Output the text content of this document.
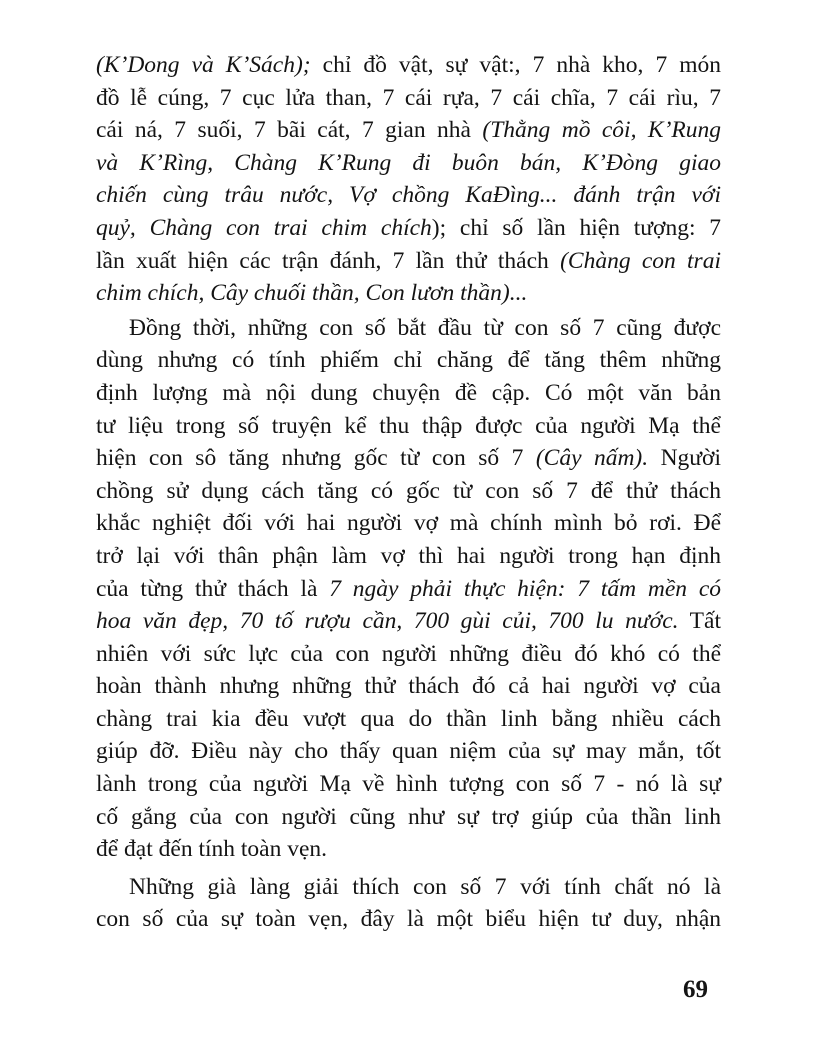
(K’Dong và K’Sách); chỉ đồ vật, sự vật:, 7 nhà kho, 7 món
đồ lễ cúng, 7 cục lửa than, 7 cái rựa, 7 cái chĩa, 7 cái rìu, 7
cái ná, 7 suối, 7 bãi cát, 7 gian nhà (Thằng mồ côi, K’Rung
và K’Rìng, Chàng K’Rung đi buôn bán, K’Đòng giao
chiến cùng trâu nước, Vợ chồng KaĐìng... đánh trận với
quỷ, Chàng con trai chim chích); chỉ số lần hiện tượng: 7
lần xuất hiện các trận đánh, 7 lần thử thách (Chàng con trai
chim chích, Cây chuối thần, Con lươn thần)...
Đồng thời, những con số bắt đầu từ con số 7 cũng được
dùng nhưng có tính phiếm chỉ chăng để tăng thêm những
định lượng mà nội dung chuyện đề cập. Có một văn bản
tư liệu trong số truyện kể thu thập được của người Mạ thể
hiện con sô tăng nhưng gốc từ con số 7 (Cây nấm). Người
chồng sử dụng cách tăng có gốc từ con số 7 để thử thách
khắc nghiệt đối với hai người vợ mà chính mình bỏ rơi. Để
trở lại với thân phận làm vợ thì hai người trong hạn định
của từng thử thách là 7 ngày phải thực hiện: 7 tấm mền có
hoa văn đẹp, 70 tố rượu cần, 700 gùi củi, 700 lu nước. Tất
nhiên với sức lực của con người những điều đó khó có thể
hoàn thành nhưng những thử thách đó cả hai người vợ của
chàng trai kia đều vượt qua do thần linh bằng nhiều cách
giúp đỡ. Điều này cho thấy quan niệm của sự may mắn, tốt
lành trong của người Mạ về hình tượng con số 7 - nó là sự
cố gắng của con người cũng như sự trợ giúp của thần linh
để đạt đến tính toàn vẹn.
Những già làng giải thích con số 7 với tính chất nó là
con số của sự toàn vẹn, đây là một biểu hiện tư duy, nhận
69
